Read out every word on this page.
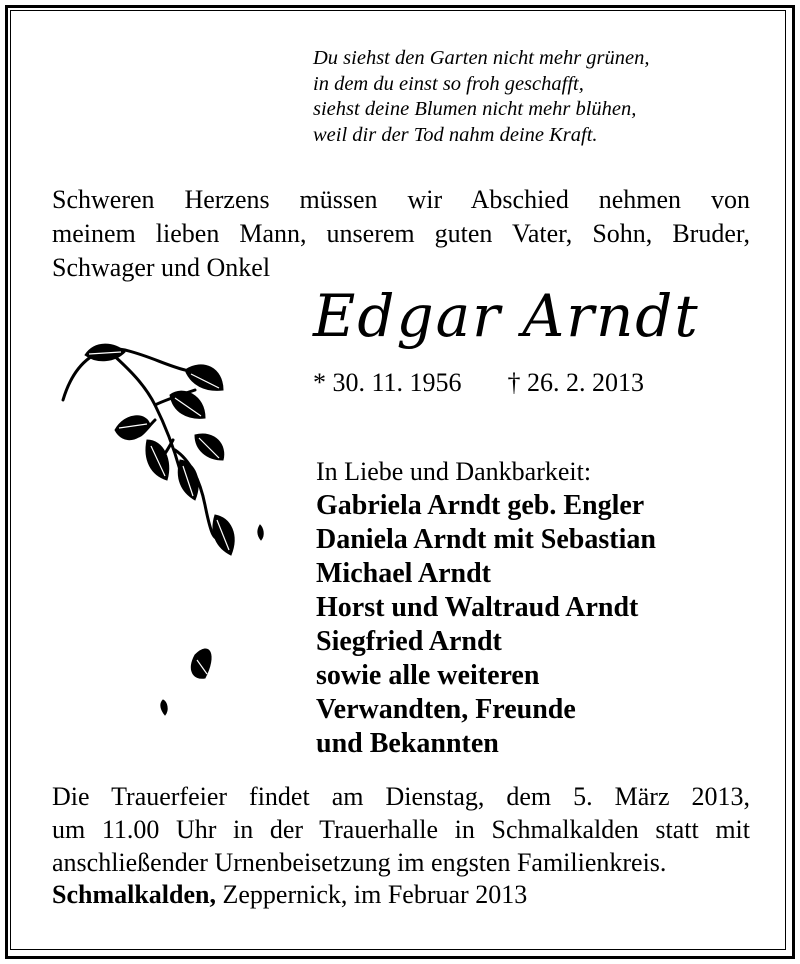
Du siehst den Garten nicht mehr grünen,
in dem du einst so froh geschafft,
siehst deine Blumen nicht mehr blühen,
weil dir der Tod nahm deine Kraft.
Schweren Herzens müssen wir Abschied nehmen von
meinem lieben Mann, unserem guten Vater, Sohn, Bruder,
Schwager und Onkel
Edgar Arndt
* 30. 11. 1956 † 26. 2. 2013
In Liebe und Dankbarkeit:
Gabriela Arndt geb. Engler
Daniela Arndt mit Sebastian
Michael Arndt
Horst und Waltraud Arndt
Siegfried Arndt
sowie alle weiteren
Verwandten, Freunde
und Bekannten
Die Trauerfeier findet am Dienstag, dem 5. März 2013,
um 11.00 Uhr in der Trauerhalle in Schmalkalden statt mit
anschließender Urnenbeisetzung im engsten Familienkreis.
Schmalkalden, Zeppernick, im Februar 2013
